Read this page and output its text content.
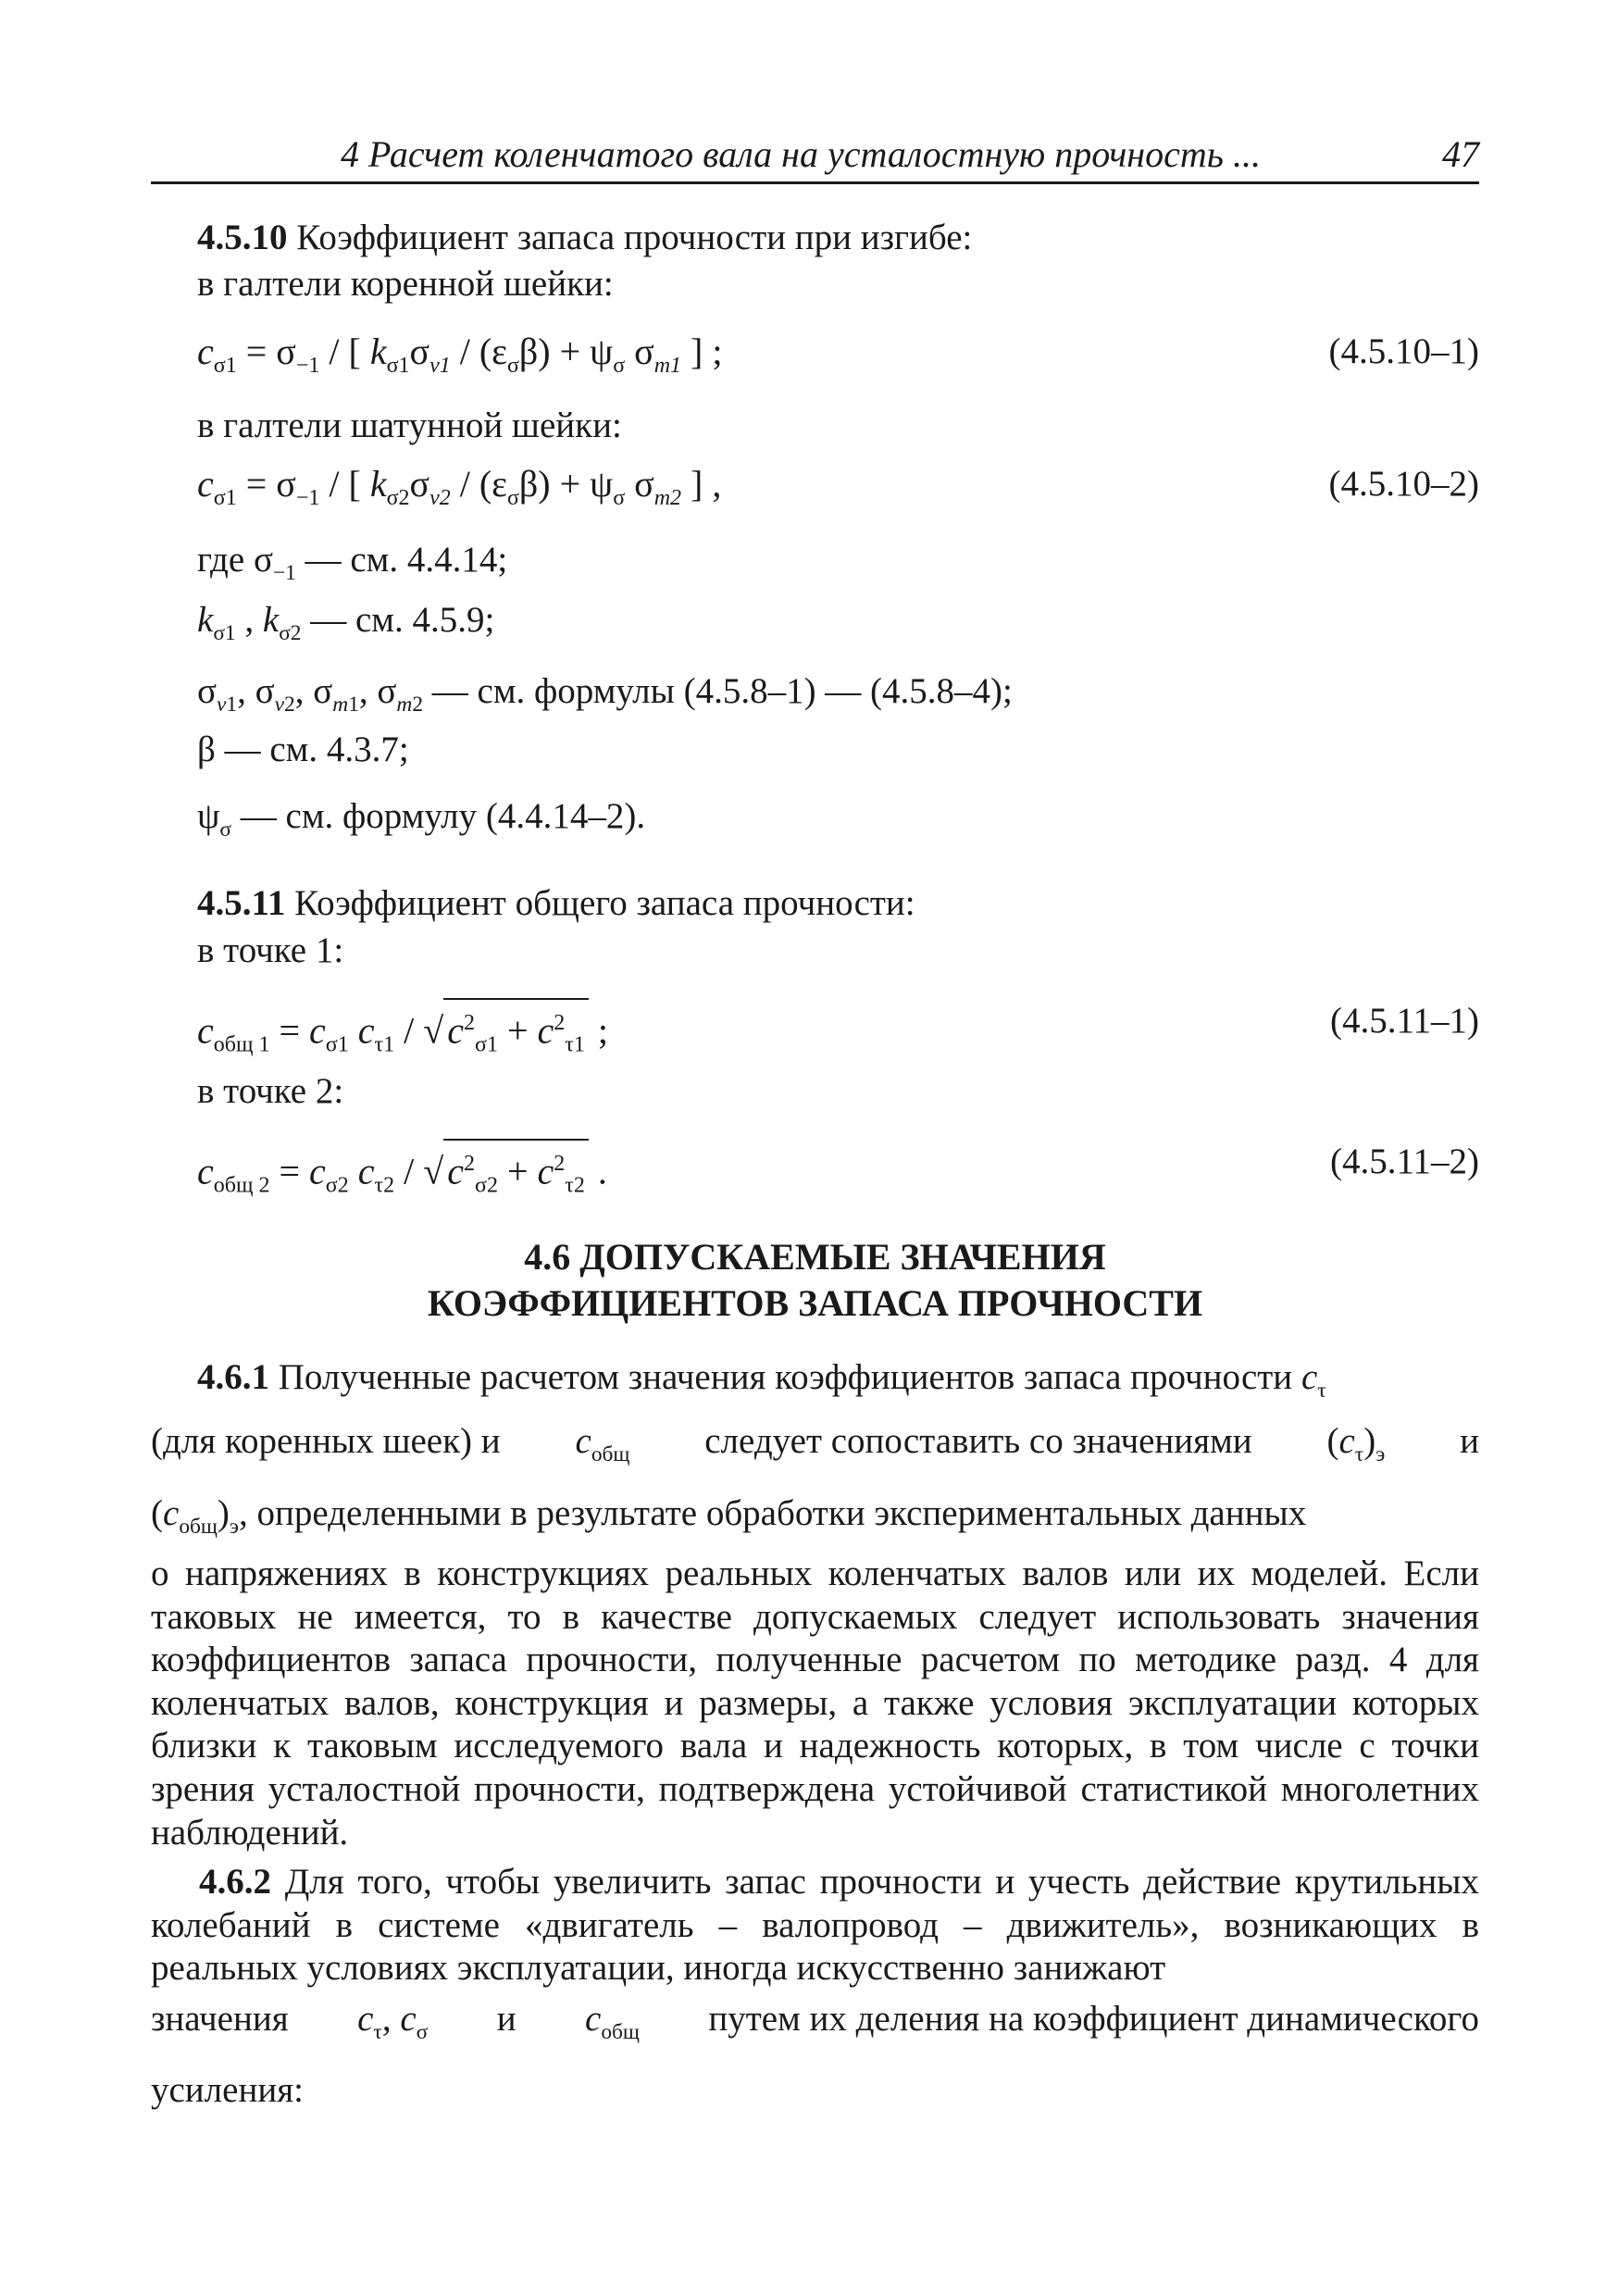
4 Расчет коленчатого вала на усталостную прочность ...	47
4.5.10 Коэффициент запаса прочности при изгибе:
в галтели коренной шейки:
$c_{\sigma 1} = \sigma_{-1}$ / [ $k_{\sigma 1}\sigma_{v1} / (\varepsilon_\sigma\beta) + \psi_\sigma$ $\sigma_{m1}$ ] ;	(4.5.10–1)
в галтели шатунной шейки:
$c_{\sigma 1} = \sigma_{-1}$ / [ $k_{\sigma 2}\sigma_{v2} / (\varepsilon_\sigma\beta) + \psi_\sigma$ $\sigma_{m2}$ ] ,	(4.5.10–2)
где $\sigma_{-1}$ — см. 4.4.14;
$k_{\sigma 1}$ , $k_{\sigma 2}$ — см. 4.5.9;
$\sigma_{v1}$, $\sigma_{v2}$, $\sigma_{m1}$, $\sigma_{m2}$ — см. формулы (4.5.8–1) — (4.5.8–4);
β — см. 4.3.7;
$\psi_\sigma$ — см. формулу (4.4.14–2).
4.5.11 Коэффициент общего запаса прочности:
в точке 1:
$c_{общ 1} = c_{\sigma 1}$ $c_{\tau 1}$ / √ $c^2_{\sigma 1} + c^2_{\tau 1}$ ;	(4.5.11–1)
в точке 2:
$c_{общ 2} = c_{\sigma 2}$ $c_{\tau 2}$ / √ $c^2_{\sigma 2} + c^2_{\tau 2}$ .	(4.5.11–2)
4.6 ДОПУСКАЕМЫЕ ЗНАЧЕНИЯ
КОЭФФИЦИЕНТОВ ЗАПАСА ПРОЧНОСТИ
4.6.1 Полученные расчетом значения коэффициентов запаса прочности $c_\tau$
(для коренных шеек) и $c_{общ}$ следует сопоставить со значениями $(c_\tau)_э$ и
$(c_{общ})_э$, определенными в результате обработки экспериментальных данных
о напряжениях в конструкциях реальных коленчатых валов или их моделей. Если таковых не имеется, то в качестве допускаемых следует использовать значения коэффициентов запаса прочности, полученные расчетом по методике разд. 4 для коленчатых валов, конструкция и размеры, а также условия эксплуатации которых близки к таковым исследуемого вала и надежность которых, в том числе с точки зрения усталостной прочности, подтверждена устойчивой статистикой многолетних наблюдений.
4.6.2 Для того, чтобы увеличить запас прочности и учесть действие крутильных колебаний в системе «двигатель – валопровод – движитель», возникающих в реальных условиях эксплуатации, иногда искусственно занижают
значения $c_\tau$, $c_\sigma$ и $c_{общ}$ путем их деления на коэффициент динамического
усиления:
